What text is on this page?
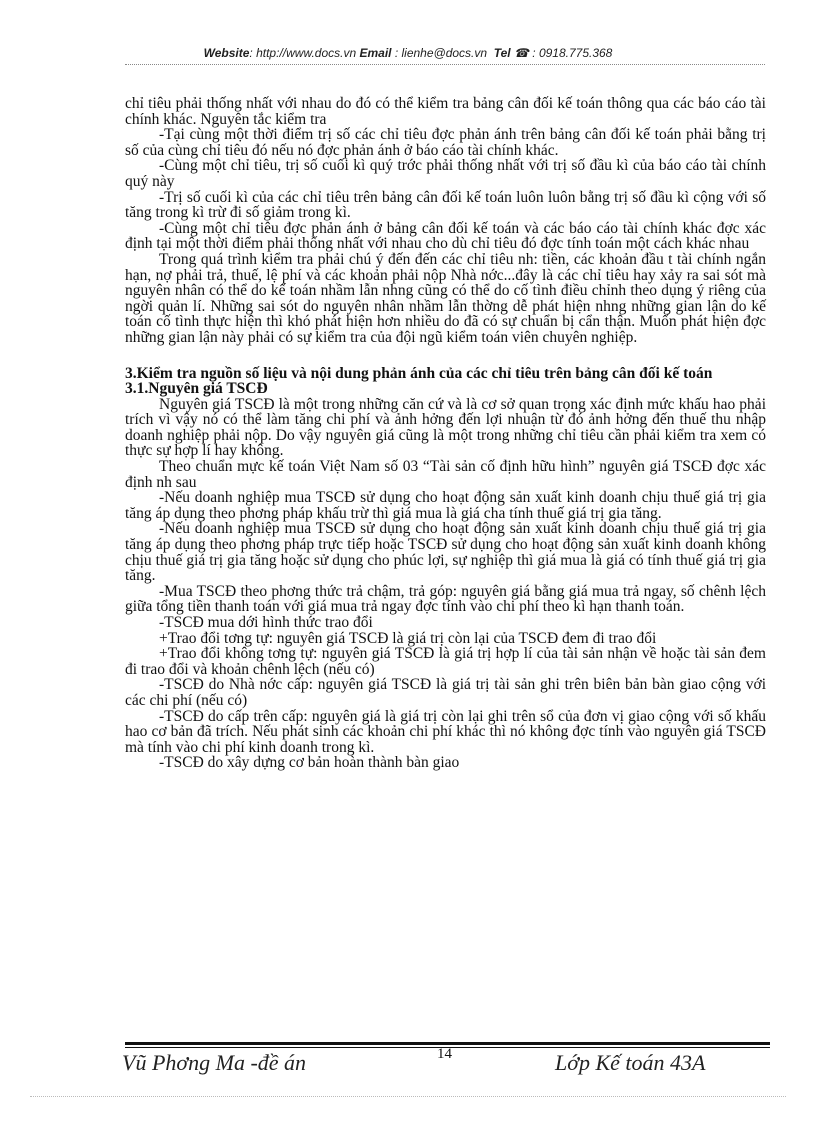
Website: http://www.docs.vn Email : lienhe@docs.vn Tel ☎ : 0918.775.368

chỉ tiêu phải thống nhất với nhau do đó có thể kiểm tra bảng cân đối kế toán thông qua các báo cáo tài chính khác. Nguyên tắc kiểm tra

-Tại cùng một thời điểm trị số các chỉ tiêu đợc phản ánh trên bảng cân đối kế toán phải bằng trị số của cùng chỉ tiêu đó nếu nó đợc phản ánh ở báo cáo tài chính khác.

-Cùng một chỉ tiêu, trị số cuối kì quý trớc phải thống nhất với trị số đầu kì của báo cáo tài chính quý này

-Trị số cuối kì của các chỉ tiêu trên bảng cân đối kế toán luôn luôn bằng trị số đầu kì cộng với số tăng trong kì trừ đi số giảm trong kì.

-Cùng một chỉ tiêu đợc phản ánh ở bảng cân đối kế toán và các báo cáo tài chính khác đợc xác định tại một thời điểm phải thống nhất với nhau cho dù chỉ tiêu đó đợc tính toán một cách khác nhau

Trong quá trình kiểm tra phải chú ý đến đến các chỉ tiêu nh: tiền, các khoản đầu t tài chính ngắn hạn, nợ phải trả, thuế, lệ phí và các khoản phải nộp Nhà nớc...đây là các chỉ tiêu hay xảy ra sai sót mà nguyên nhân có thể do kế toán nhầm lẫn nhng cũng có thể do cố tình điều chỉnh theo dụng ý riêng của ngời quản lí. Những sai sót do nguyên nhân nhầm lẫn thờng dễ phát hiện nhng những gian lận do kế toán cố tình thực hiện thì khó phát hiện hơn nhiều do đã có sự chuẩn bị cẩn thận. Muốn phát hiện đợc những gian lận này phải có sự kiểm tra của đội ngũ kiểm toán viên chuyên nghiệp.

3.Kiểm tra nguồn số liệu và nội dung phản ánh của các chỉ tiêu trên bảng cân đối kế toán

3.1.Nguyên giá TSCĐ

Nguyên giá TSCĐ là một trong những căn cứ và là cơ sở quan trọng xác định mức khấu hao phải trích vì vậy nó có thể làm tăng chi phí và ảnh hởng đến lợi nhuận từ đó ảnh hởng đến thuế thu nhập doanh nghiệp phải nộp. Do vậy nguyên giá cũng là một trong những chỉ tiêu cần phải kiểm tra xem có thực sự hợp lí hay không.

Theo chuẩn mực kế toán Việt Nam số 03 “Tài sản cố định hữu hình” nguyên giá TSCĐ đợc xác định nh sau

-Nếu doanh nghiệp mua TSCĐ sử dụng cho hoạt động sản xuất kinh doanh chịu thuế giá trị gia tăng áp dụng theo phơng pháp khấu trừ thì giá mua là giá cha tính thuế giá trị gia tăng.

-Nếu doanh nghiệp mua TSCĐ sử dụng cho hoạt động sản xuất kinh doanh chịu thuế giá trị gia tăng áp dụng theo phơng pháp trực tiếp hoặc TSCĐ sử dụng cho hoạt động sản xuất kinh doanh không chịu thuế giá trị gia tăng hoặc sử dụng cho phúc lợi, sự nghiệp thì giá mua là giá có tính thuế giá trị gia tăng.

-Mua TSCĐ theo phơng thức trả chậm, trả góp: nguyên giá bằng giá mua trả ngay, số chênh lệch giữa tổng tiền thanh toán với giá mua trả ngay đợc tính vào chi phí theo kì hạn thanh toán.

-TSCĐ mua dới hình thức trao đổi

+Trao đổi tơng tự: nguyên giá TSCĐ là giá trị còn lại của TSCĐ đem đi trao đổi

+Trao đổi không tơng tự: nguyên giá TSCĐ là giá trị hợp lí của tài sản nhận về hoặc tài sản đem đi trao đổi và khoản chênh lệch (nếu có)

-TSCĐ do Nhà nớc cấp: nguyên giá TSCĐ là giá trị tài sản ghi trên biên bản bàn giao cộng với các chi phí (nếu có)

-TSCĐ do cấp trên cấp: nguyên giá là giá trị còn lại ghi trên sổ của đơn vị giao cộng với số khấu hao cơ bản đã trích. Nếu phát sinh các khoản chi phí khác thì nó không đợc tính vào nguyên giá TSCĐ mà tính vào chi phí kinh doanh trong kì.

-TSCĐ do xây dựng cơ bản hoàn thành bàn giao

Vũ Phơng Ma -đề án	14	Lớp Kế toán 43A
